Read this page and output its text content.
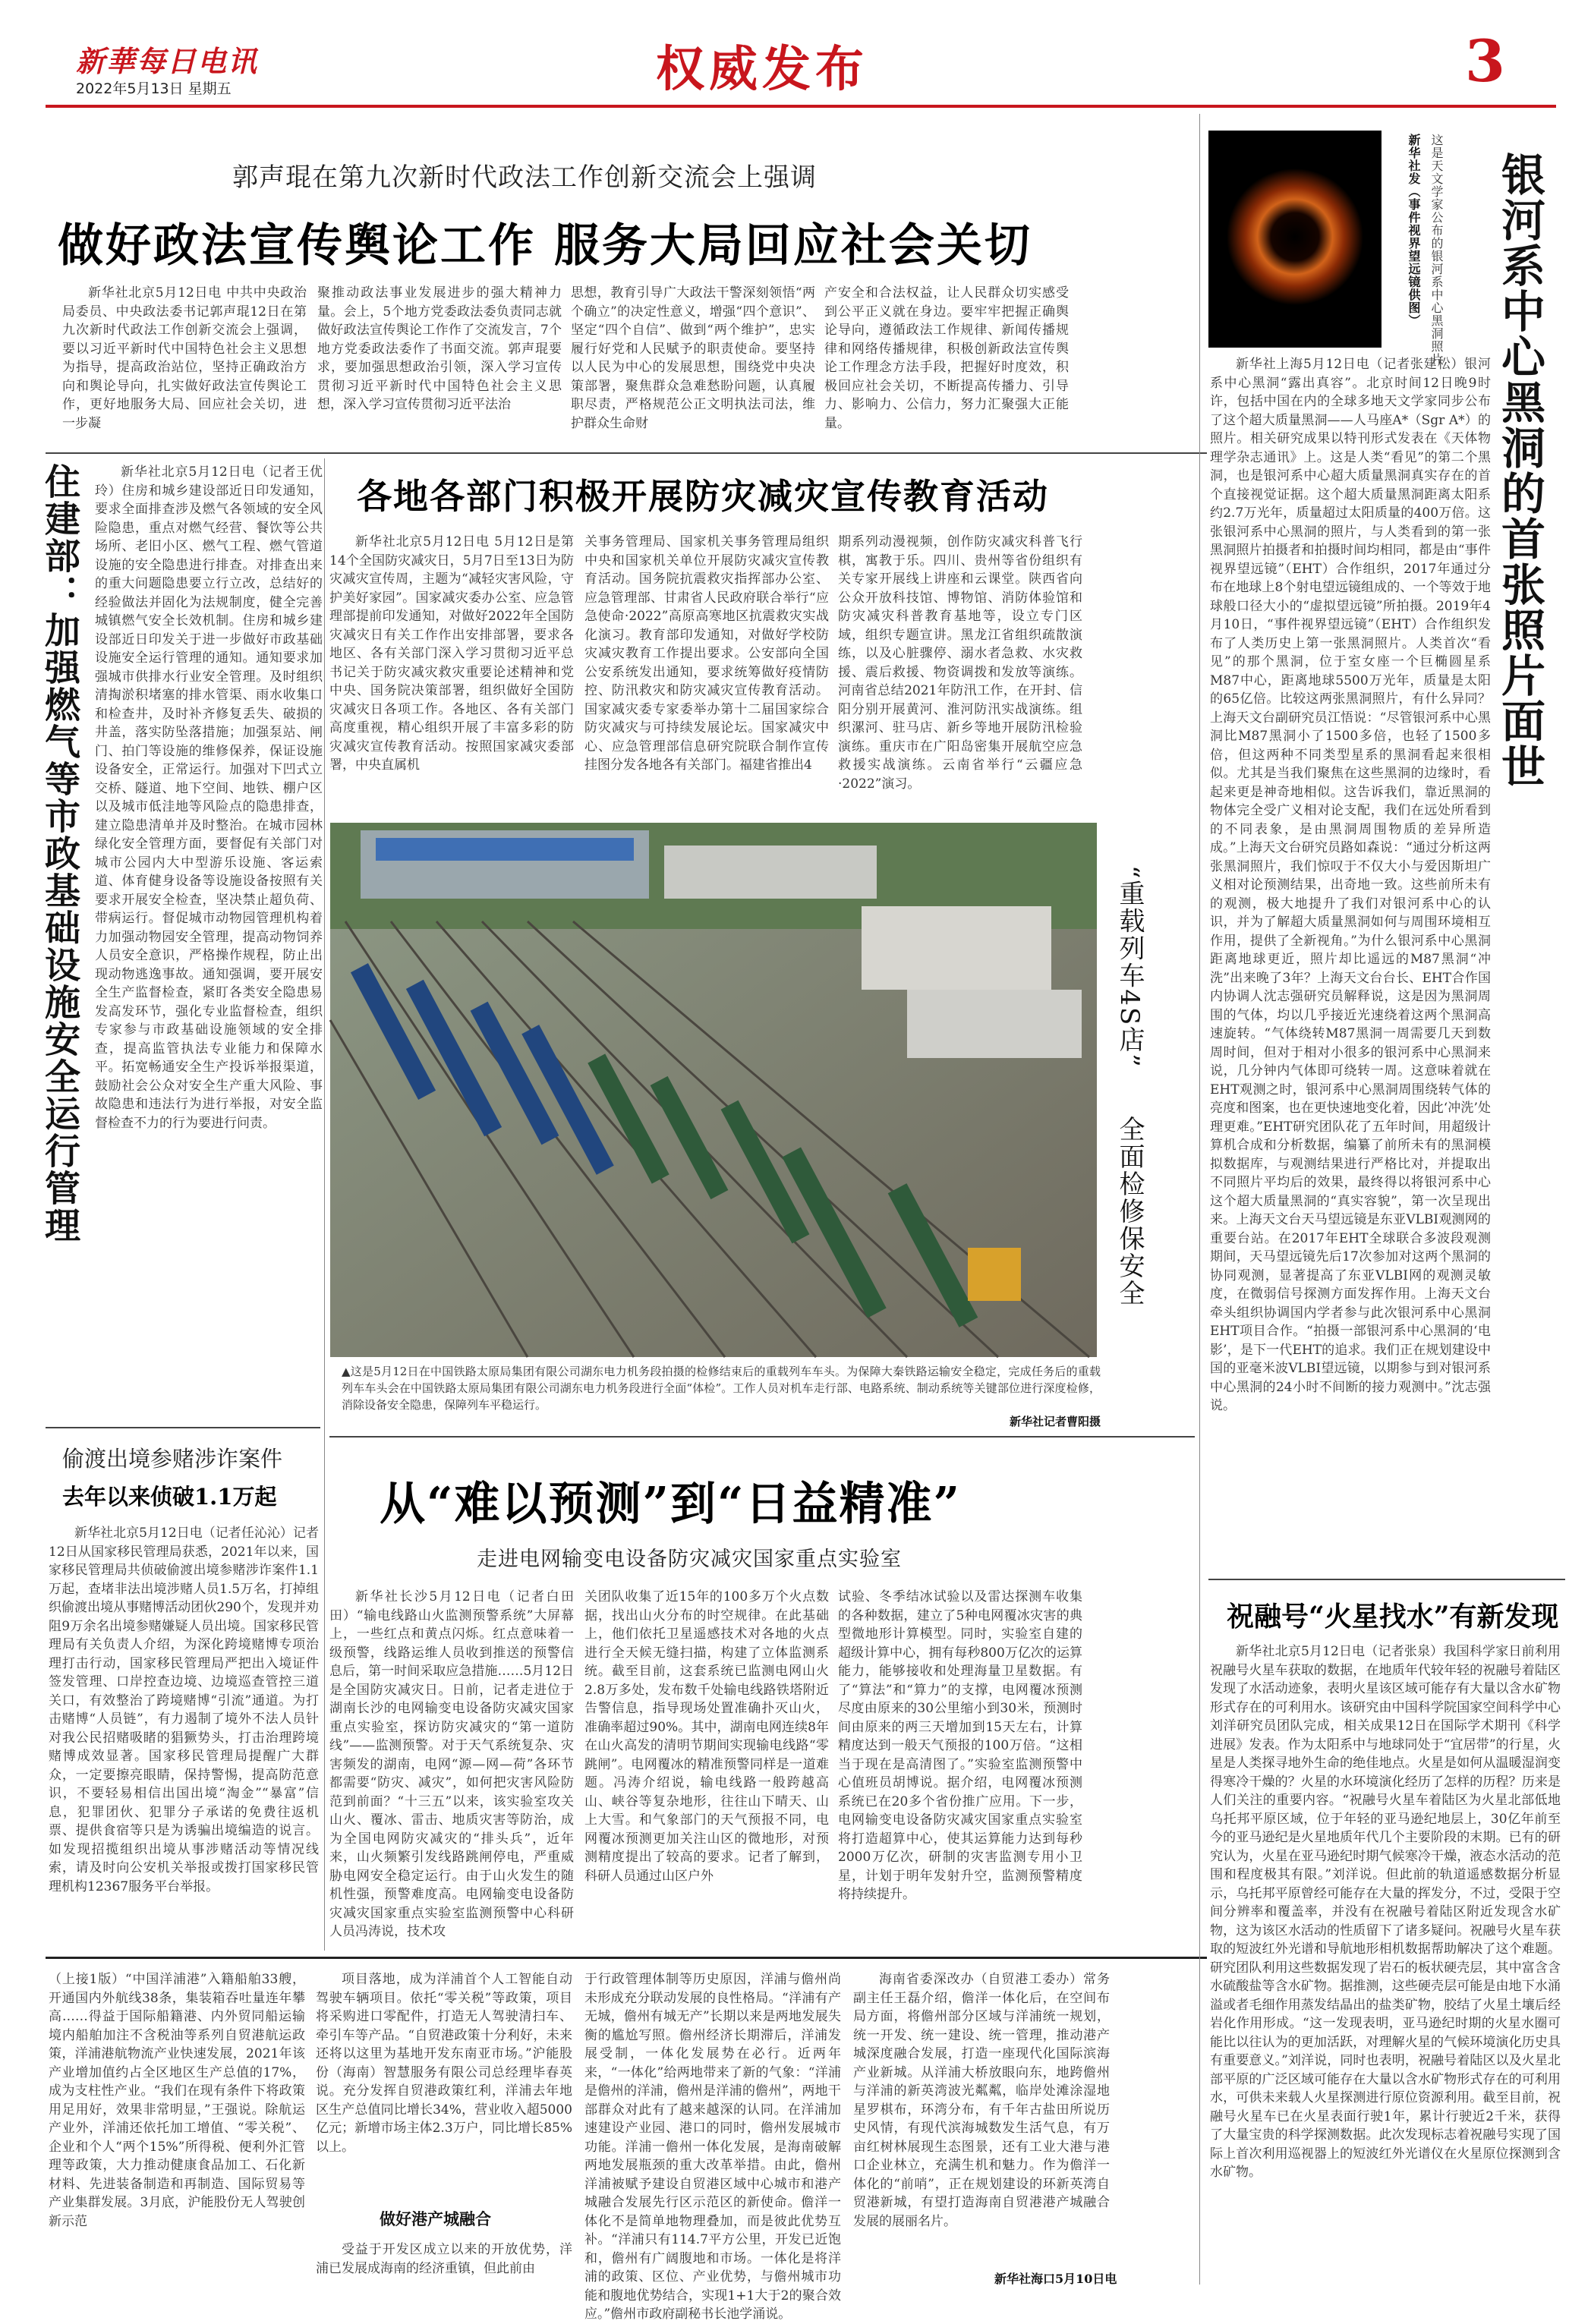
新華每日电讯
2022年5月13日 星期五	权威发布	3
郭声琨在第九次新时代政法工作创新交流会上强调
做好政法宣传舆论工作 服务大局回应社会关切
新华社北京5月12日电 中共中央政治局委员、中央政法委书记郭声琨12日在第九次新时代政法工作创新交流会上强调，要以习近平新时代中国特色社会主义思想为指导，提高政治站位，坚持正确政治方向和舆论导向，扎实做好政法宣传舆论工作，更好地服务大局、回应社会关切，进一步凝
聚推动政法事业发展进步的强大精神力量。会上，5个地方党委政法委负责同志就做好政法宣传舆论工作作了交流发言，7个地方党委政法委作了书面交流。郭声琨要求，要加强思想政治引领，深入学习宣传贯彻习近平新时代中国特色社会主义思想，深入学习宣传贯彻习近平法治
思想，教育引导广大政法干警深刻领悟“两个确立”的决定性意义，增强“四个意识”、坚定“四个自信”、做到“两个维护”，忠实履行好党和人民赋予的职责使命。要坚持以人民为中心的发展思想，围绕党中央决策部署，聚焦群众急难愁盼问题，认真履职尽责，严格规范公正文明执法司法，维护群众生命财
产安全和合法权益，让人民群众切实感受到公平正义就在身边。要牢牢把握正确舆论导向，遵循政法工作规律、新闻传播规律和网络传播规律，积极创新政法宣传舆论工作理念方法手段，把握好时度效，积极回应社会关切，不断提高传播力、引导力、影响力、公信力，努力汇聚强大正能量。
住建部：加强燃气等市政基础设施安全运行管理	新华社北京5月12日电（记者王优玲）住房和城乡建设部近日印发通知，要求全面排查涉及燃气各领域的安全风险隐患，重点对燃气经营、餐饮等公共场所、老旧小区、燃气工程、燃气管道设施的安全隐患进行排查。对排查出来的重大问题隐患要立行立改，总结好的经验做法并固化为法规制度，健全完善城镇燃气安全长效机制。住房和城乡建设部近日印发关于进一步做好市政基础设施安全运行管理的通知。通知要求加强城市供排水行业安全管理。及时组织清掏淤积堵塞的排水管渠、雨水收集口和检查井，及时补齐修复丢失、破损的井盖，落实防坠落措施；加强泵站、闸门、拍门等设施的维修保养，保证设施设备安全，正常运行。加强对下凹式立交桥、隧道、地下空间、地铁、棚户区以及城市低洼地等风险点的隐患排查，建立隐患清单并及时整治。在城市园林绿化安全管理方面，要督促有关部门对城市公园内大中型游乐设施、客运索道、体育健身设备等设施设备按照有关要求开展安全检查，坚决禁止超负荷、带病运行。督促城市动物园管理机构着力加强动物园安全管理，提高动物饲养人员安全意识，严格操作规程，防止出现动物逃逸事故。通知强调，要开展安全生产监督检查，紧盯各类安全隐患易发高发环节，强化专业监督检查，组织专家参与市政基础设施领域的安全排查，提高监管执法专业能力和保障水平。拓宽畅通安全生产投诉举报渠道，鼓励社会公众对安全生产重大风险、事故隐患和违法行为进行举报，对安全监督检查不力的行为要进行问责。
偷渡出境参赌涉诈案件
去年以来侦破1.1万起
新华社北京5月12日电（记者任沁沁）记者12日从国家移民管理局获悉，2021年以来，国家移民管理局共侦破偷渡出境参赌涉诈案件1.1万起，查堵非法出境涉赌人员1.5万名，打掉组织偷渡出境从事赌博活动团伙290个，发现并劝阻9万余名出境参赌嫌疑人员出境。国家移民管理局有关负责人介绍，为深化跨境赌博专项治理打击行动，国家移民管理局严把出入境证件签发管理、口岸控查边境、边境巡查管控三道关口，有效整治了跨境赌博“引流”通道。为打击赌博“人员链”，有力遏制了境外不法人员针对我公民招赌吸睹的猖獗势头，打击治理跨境赌博成效显著。国家移民管理局提醒广大群众，一定要擦亮眼睛，保持警惕，提高防范意识，不要轻易相信出国出境“淘金”“暴富”信息，犯罪团伙、犯罪分子承诺的免费往返机票、提供食宿等只是为诱骗出境编造的说言。如发现招揽组织出境从事涉赌活动等情况线索，请及时向公安机关举报或拨打国家移民管理机构12367服务平台举报。
各地各部门积极开展防灾减灾宣传教育活动
新华社北京5月12日电 5月12日是第14个全国防灾减灾日，5月7日至13日为防灾减灾宣传周，主题为“减轻灾害风险，守护美好家园”。国家减灾委办公室、应急管理部提前印发通知，对做好2022年全国防灾减灾日有关工作作出安排部署，要求各地区、各有关部门深入学习贯彻习近平总书记关于防灾减灾救灾重要论述精神和党中央、国务院决策部署，组织做好全国防灾减灾日各项工作。各地区、各有关部门高度重视，精心组织开展了丰富多彩的防灾减灾宣传教育活动。按照国家减灾委部署，中央直属机
关事务管理局、国家机关事务管理局组织中央和国家机关单位开展防灾减灾宣传教育活动。国务院抗震救灾指挥部办公室、应急管理部、甘肃省人民政府联合举行“应急使命·2022”高原高寒地区抗震救灾实战化演习。教育部印发通知，对做好学校防灾减灾教育工作提出要求。公安部向全国公安系统发出通知，要求统筹做好疫情防控、防汛救灾和防灾减灾宣传教育活动。国家减灾委专家委举办第十二届国家综合防灾减灾与可持续发展论坛。国家减灾中心、应急管理部信息研究院联合制作宣传挂图分发各地各有关部门。福建省推出4
期系列动漫视频，创作防灾减灾科普飞行棋，寓教于乐。四川、贵州等省份组织有关专家开展线上讲座和云课堂。陕西省向公众开放科技馆、博物馆、消防体验馆和防灾减灾科普教育基地等，设立专门区域，组织专题宣讲。黑龙江省组织疏散演练，以及心脏骤停、溺水者急救、水灾救援、震后救援、物资调拨和发放等演练。河南省总结2021年防汛工作，在开封、信阳分别开展黄河、淮河防汛实战演练。组织漯河、驻马店、新乡等地开展防汛检验演练。重庆市在广阳岛密集开展航空应急救援实战演练。云南省举行“云疆应急·2022”演习。
“重载列车4S店”
全面检修保安全
▲这是5月12日在中国铁路太原局集团有限公司湖东电力机务段拍摄的检修结束后的重载列车车头。为保障大秦铁路运输安全稳定，完成任务后的重载列车车头会在中国铁路太原局集团有限公司湖东电力机务段进行全面“体检”。工作人员对机车走行部、电路系统、制动系统等关键部位进行深度检修，消除设备安全隐患，保障列车平稳运行。
新华社记者曹阳摄
从“难以预测”到“日益精准”
走进电网输变电设备防灾减灾国家重点实验室
新华社长沙5月12日电（记者白田田）“输电线路山火监测预警系统”大屏幕上，一些红点和黄点闪烁。红点意味着一级预警，线路运维人员收到推送的预警信息后，第一时间采取应急措施……5月12日是全国防灾减灾日。日前，记者走进位于湖南长沙的电网输变电设备防灾减灾国家重点实验室，探访防灾减灾的“第一道防线”——监测预警。对于天气系统复杂、灾害频发的湖南，电网“源—网—荷”各环节都需要“防灾、减灾”，如何把灾害风险防范到前面？“十三五”以来，该实验室攻关山火、覆冰、雷击、地质灾害等防治，成为全国电网防灾减灾的“排头兵”，近年来，山火频繁引发线路跳闸停电，严重威胁电网安全稳定运行。由于山火发生的随机性强，预警难度高。电网输变电设备防灾减灾国家重点实验室监测预警中心科研人员冯涛说，技术攻
关团队收集了近15年的100多万个火点数据，找出山火分布的时空规律。在此基础上，他们依托卫星遥感技术对各地的火点进行全天候无缝扫描，构建了立体监测系统。截至目前，这套系统已监测电网山火2.8万多处，发布数千处输电线路铁塔附近告警信息，指导现场处置准确扑灭山火，准确率超过90%。其中，湖南电网连续8年在山火高发的清明节期间实现输电线路“零跳闸”。电网覆冰的精准预警同样是一道难题。冯涛介绍说，输电线路一般跨越高山、峡谷等复杂地形，往往山下晴天、山上大雪。和气象部门的天气预报不同，电网覆冰预测更加关注山区的微地形，对预测精度提出了较高的要求。记者了解到，科研人员通过山区户外
试验、冬季结冰试验以及雷达探测车收集的各种数据，建立了5种电网覆冰灾害的典型微地形计算模型。同时，实验室自建的超级计算中心，拥有每秒800万亿次的运算能力，能够接收和处理海量卫星数据。有了“算法”和“算力”的支撑，电网覆冰预测尽度由原来的30公里缩小到30米，预测时间由原来的两三天增加到15天左右，计算精度达到一般天气预报的100万倍。“这相当于现在是高清图了。”实验室监测预警中心值班员胡博说。据介绍，电网覆冰预测系统已在20多个省份推广应用。下一步，电网输变电设备防灾减灾国家重点实验室将打造超算中心，使其运算能力达到每秒2000万亿次，研制的灾害监测专用小卫星，计划于明年发射升空，监测预警精度将持续提升。
这是天文学家公布的银河系中心黑洞照片
新华社发（事件视界望远镜供图） 银河系中心黑洞的首张照片面世
新华社上海5月12日电（记者张建松）银河系中心黑洞“露出真容”。北京时间12日晚9时许，包括中国在内的全球多地天文学家同步公布了这个超大质量黑洞——人马座A*（Sgr A*）的照片。相关研究成果以特刊形式发表在《天体物理学杂志通讯》上。这是人类“看见”的第二个黑洞，也是银河系中心超大质量黑洞真实存在的首个直接视觉证据。这个超大质量黑洞距离太阳系约2.7万光年，质量超过太阳质量的400万倍。这张银河系中心黑洞的照片，与人类看到的第一张黑洞照片拍摄者和拍摄时间均相同，都是由“事件视界望远镜”（EHT）合作组织，2017年通过分布在地球上8个射电望远镜组成的、一个等效于地球般口径大小的“虚拟望远镜”所拍摄。2019年4月10日，“事件视界望远镜”（EHT）合作组织发布了人类历史上第一张黑洞照片。人类首次“看见”的那个黑洞，位于室女座一个巨椭圆星系M87中心，距离地球5500万光年，质量是太阳的65亿倍。比较这两张黑洞照片，有什么异同？上海天文台副研究员江悟说：“尽管银河系中心黑洞比M87黑洞小了1500多倍，也轻了1500多倍，但这两种不同类型星系的黑洞看起来很相似。尤其是当我们聚焦在这些黑洞的边缘时，看起来更是神奇地相似。这告诉我们，靠近黑洞的物体完全受广义相对论支配，我们在远处所看到的不同表象，是由黑洞周围物质的差异所造成。”上海天文台研究员路如森说：“通过分析这两张黑洞照片，我们惊叹于不仅大小与爱因斯坦广义相对论预测结果，出奇地一致。这些前所未有的观测，极大地提升了我们对银河系中心的认识，并为了解超大质量黑洞如何与周围环境相互作用，提供了全新视角。”为什么银河系中心黑洞距离地球更近，照片却比遥远的M87黑洞“冲洗”出来晚了3年？上海天文台台长、EHT合作国内协调人沈志强研究员解释说，这是因为黑洞周围的气体，均以几乎接近光速绕着这两个黑洞高速旋转。“气体绕转M87黑洞一周需要几天到数周时间，但对于相对小很多的银河系中心黑洞来说，几分钟内气体即可绕转一周。这意味着就在EHT观测之时，银河系中心黑洞周围绕转气体的亮度和图案，也在更快速地变化着，因此‘冲洗’处理更难。”EHT研究团队花了五年时间，用超级计算机合成和分析数据，编纂了前所未有的黑洞模拟数据库，与观测结果进行严格比对，并提取出不同照片平均后的效果，最终得以将银河系中心这个超大质量黑洞的“真实容貌”，第一次呈现出来。上海天文台天马望远镜是东亚VLBI观测网的重要台站。在2017年EHT全球联合多波段观测期间，天马望远镜先后17次参加对这两个黑洞的协同观测，显著提高了东亚VLBI网的观测灵敏度，在微弱信号探测方面发挥作用。上海天文台牵头组织协调国内学者参与此次银河系中心黑洞EHT项目合作。“拍摄一部银河系中心黑洞的‘电影’，是下一代EHT的追求。我们正在规划建设中国的亚毫米波VLBI望远镜，以期参与到对银河系中心黑洞的24小时不间断的接力观测中。”沈志强说。
祝融号“火星找水”有新发现
新华社北京5月12日电（记者张泉）我国科学家日前利用祝融号火星车获取的数据，在地质年代较年轻的祝融号着陆区发现了水活动迹象，表明火星该区域可能存有大量以含水矿物形式存在的可利用水。该研究由中国科学院国家空间科学中心刘洋研究员团队完成，相关成果12日在国际学术期刊《科学进展》发表。作为太阳系中与地球同处于“宜居带”的行星，火星是人类探寻地外生命的绝佳地点。火星是如何从温暖湿润变得寒冷干燥的？火星的水环境演化经历了怎样的历程？历来是人们关注的重要内容。“祝融号火星车着陆区为火星北部低地乌托邦平原区域，位于年轻的亚马逊纪地层上，30亿年前至今的亚马逊纪是火星地质年代几个主要阶段的末期。已有的研究认为，火星在亚马逊纪时期气候寒冷干燥，液态水活动的范围和程度极其有限。”刘洋说。但此前的轨道遥感数据分析显示，乌托邦平原曾经可能存在大量的挥发分，不过，受限于空间分辨率和覆盖率，并没有在祝融号着陆区附近发现含水矿物，这为该区水活动的性质留下了诸多疑问。祝融号火星车获取的短波红外光谱和导航地形相机数据帮助解决了这个难题。研究团队利用这些数据发现了岩石的板状硬壳层，其中富含含水硫酸盐等含水矿物。据推测，这些硬壳层可能是由地下水涌溢或者毛细作用蒸发结晶出的盐类矿物，胶结了火星土壤后经岩化作用形成。“这一发现表明，亚马逊纪时期的火星水圈可能比以往认为的更加活跃，对理解火星的气候环境演化历史具有重要意义。”刘洋说，同时也表明，祝融号着陆区以及火星北部平原的广泛区域可能存在大量以含水矿物形式存在的可利用水，可供未来载人火星探测进行原位资源利用。截至目前，祝融号火星车已在火星表面行驶1年，累计行驶近2千米，获得了大量宝贵的科学探测数据。此次发现标志着祝融号实现了国际上首次利用巡视器上的短波红外光谱仪在火星原位探测到含水矿物。
（上接1版）“中国洋浦港”入籍船舶33艘，开通国内外航线38条，集装箱吞吐量连年攀高……得益于国际船籍港、内外贸同船运输境内船舶加注不含税油等系列自贸港航运政策，洋浦港航物流产业快速发展，2021年该产业增加值约占全区地区生产总值的17%，成为支柱性产业。“我们在现有条件下将政策用足用好，效果非常明显，”王强说。除航运产业外，洋浦还依托加工增值、“零关税”、企业和个人“两个15%”所得税、便利外汇管理等政策，大力推动健康食品加工、石化新材料、先进装备制造和再制造、国际贸易等产业集群发展。3月底，沪能股份无人驾驶创新示范
项目落地，成为洋浦首个人工智能自动驾驶车辆项目。依托“零关税”等政策，项目将采购进口零配件，打造无人驾驶清扫车、牵引车等产品。“自贸港政策十分利好，未来还将以这里为基地开发东南亚市场。”沪能股份（海南）智慧服务有限公司总经理毕春英说。充分发挥自贸港政策红利，洋浦去年地区生产总值同比增长34%，营业收入超5000亿元；新增市场主体2.3万户，同比增长85%以上。
做好港产城融合
受益于开发区成立以来的开放优势，洋浦已发展成海南的经济重镇，但此前由
于行政管理体制等历史原因，洋浦与儋州尚未形成充分联动发展的良性格局。“洋浦有产无城，儋州有城无产”长期以来是两地发展失衡的尴尬写照。儋州经济长期滞后，洋浦发展受制，一体化发展势在必行。近两年来，“一体化”给两地带来了新的气象：“洋浦是儋州的洋浦，儋州是洋浦的儋州”，两地干部群众对此有了越来越深的认同。在洋浦加速建设产业园、港口的同时，儋州发展城市功能。洋浦一儋州一体化发展，是海南破解两地发展瓶颈的重大改革举措。由此，儋州洋浦被赋予建设自贸港区域中心城市和港产城融合发展先行区示范区的新使命。儋洋一体化不是简单地物理叠加，而是彼此优势互补。“洋浦只有114.7平方公里，开发已近饱和，儋州有广阔腹地和市场。一体化是将洋浦的政策、区位、产业优势，与儋州城市功能和腹地优势结合，实现1+1大于2的聚合效应。”儋州市政府副秘书长池学涌说。
海南省委深改办（自贸港工委办）常务副主任王磊介绍，儋洋一体化后，在空间布局方面，将儋州部分区域与洋浦统一规划，统一开发、统一建设、统一管理，推动港产城深度融合发展，打造一座现代化国际滨海产业新城。从洋浦大桥放眼向东，地跨儋州与洋浦的新英湾波光粼粼，临岸处滩涂湿地星罗棋布，环湾分布，有千年古盐田所说历史风情，有现代滨海城数发生活气息，有万亩红树林展现生态图景，还有工业大港与港口企业林立，充满生机和魅力。作为儋洋一体化的“前哨”，正在规划建设的环新英湾自贸港新城，有望打造海南自贸港港产城融合发展的展丽名片。
新华社海口5月10日电
